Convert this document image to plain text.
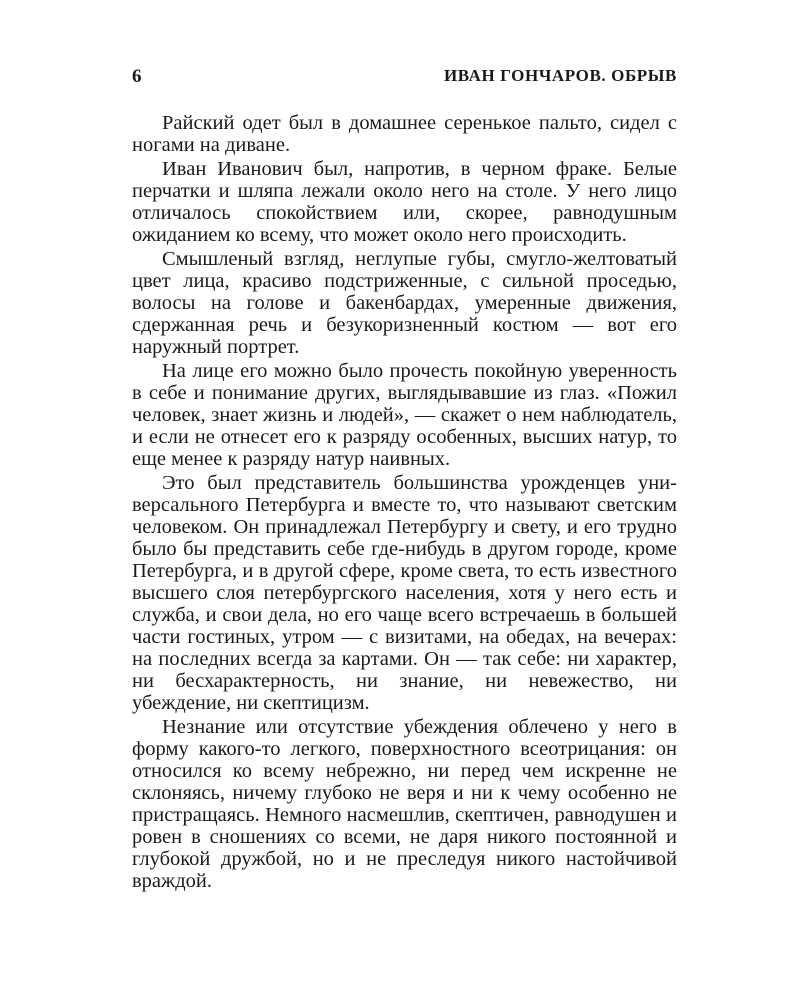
6	ИВАН ГОНЧАРОВ. ОБРЫВ

Райский одет был в домашнее серенькое пальто, сидел с ногами на диване.

Иван Иванович был, напротив, в черном фраке. Белые перчатки и шляпа лежали около него на столе. У него лицо отличалось спокойствием или, скорее, равнодушным ожиданием ко всему, что может около него происходить.

Смышленый взгляд, неглупые губы, смугло-желтоватый цвет лица, красиво подстриженные, с сильной проседью, волосы на голове и бакенбардах, умеренные движения, сдержанная речь и безукоризненный костюм — вот его наружный портрет.

На лице его можно было прочесть покойную уверенность в себе и понимание других, выглядывавшие из глаз. «Пожил человек, знает жизнь и людей», — скажет о нем наблюдатель, и если не отнесет его к разряду особенных, высших натур, то еще менее к разряду натур наивных.

Это был представитель большинства урожденцев универсального Петербурга и вместе то, что называют светским человеком. Он принадлежал Петербургу и свету, и его трудно было бы представить себе где-нибудь в другом городе, кроме Петербурга, и в другой сфере, кроме света, то есть известного высшего слоя петербургского населения, хотя у него есть и служба, и свои дела, но его чаще всего встречаешь в большей части гостиных, утром — с визитами, на обедах, на вечерах: на последних всегда за картами. Он — так себе: ни характер, ни бесхарактерность, ни знание, ни невежество, ни убеждение, ни скептицизм.

Незнание или отсутствие убеждения облечено у него в форму какого-то легкого, поверхностного всеотрицания: он относился ко всему небрежно, ни перед чем искренне не склоняясь, ничему глубоко не веря и ни к чему особенно не пристращаясь. Немного насмешлив, скептичен, равнодушен и ровен в сношениях со всеми, не даря никого постоянной и глубокой дружбой, но и не преследуя никого настойчивой враждой.
